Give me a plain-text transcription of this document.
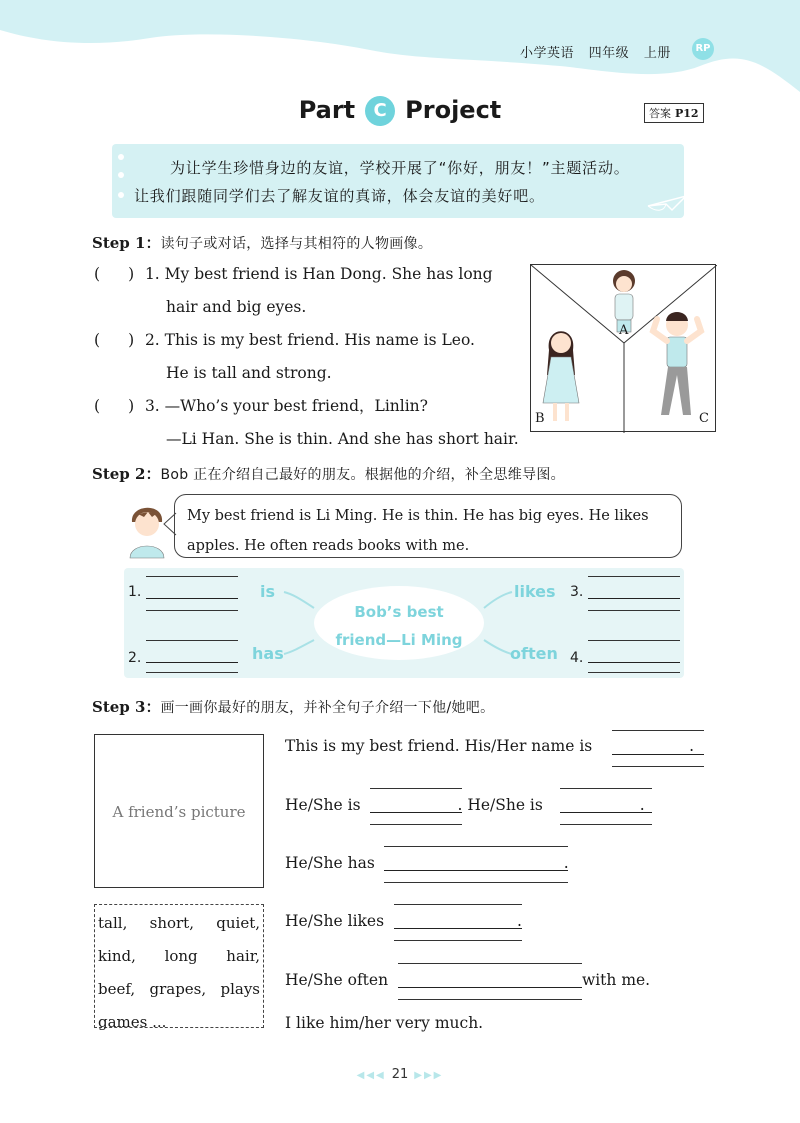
小学英语 四年级 上册	RP
Part C Project	答案 P12

为让学生珍惜身边的友谊，学校开展了“你好，朋友！”主题活动。

让我们跟随同学们去了解友谊的真谛，体会友谊的美好吧。

Step 1：读句子或对话，选择与其相符的人物画像。
( ) 1. My best friend is Han Dong. She has long
hair and big eyes.
( ) 2. This is my best friend. His name is Leo.
He is tall and strong.
( ) 3. —Who’s your best friend，Linlin?
—Li Han. She is thin. And she has short hair.
A
B	C
Step 2：Bob 正在介绍自己最好的朋友。根据他的介绍，补全思维导图。
My best friend is Li Ming. He is thin. He has big eyes. He likes
apples. He often reads books with me.
Bob’s best
friend—Li Ming
is
has
likes
often
1.
2.
3.
4.
Step 3：画一画你最好的朋友，并补全句子介绍一下他/她吧。
A friend’s picture
tall, short, quiet,
kind, long hair,
beef, grapes, plays
games ...
This is my best friend. His/Her name is	.
He/She is	. He/She is	.
He/She has	.
He/She likes	.
He/She often	with me.
I like him/her very much.
◀◀◀ 21 ▶▶▶
